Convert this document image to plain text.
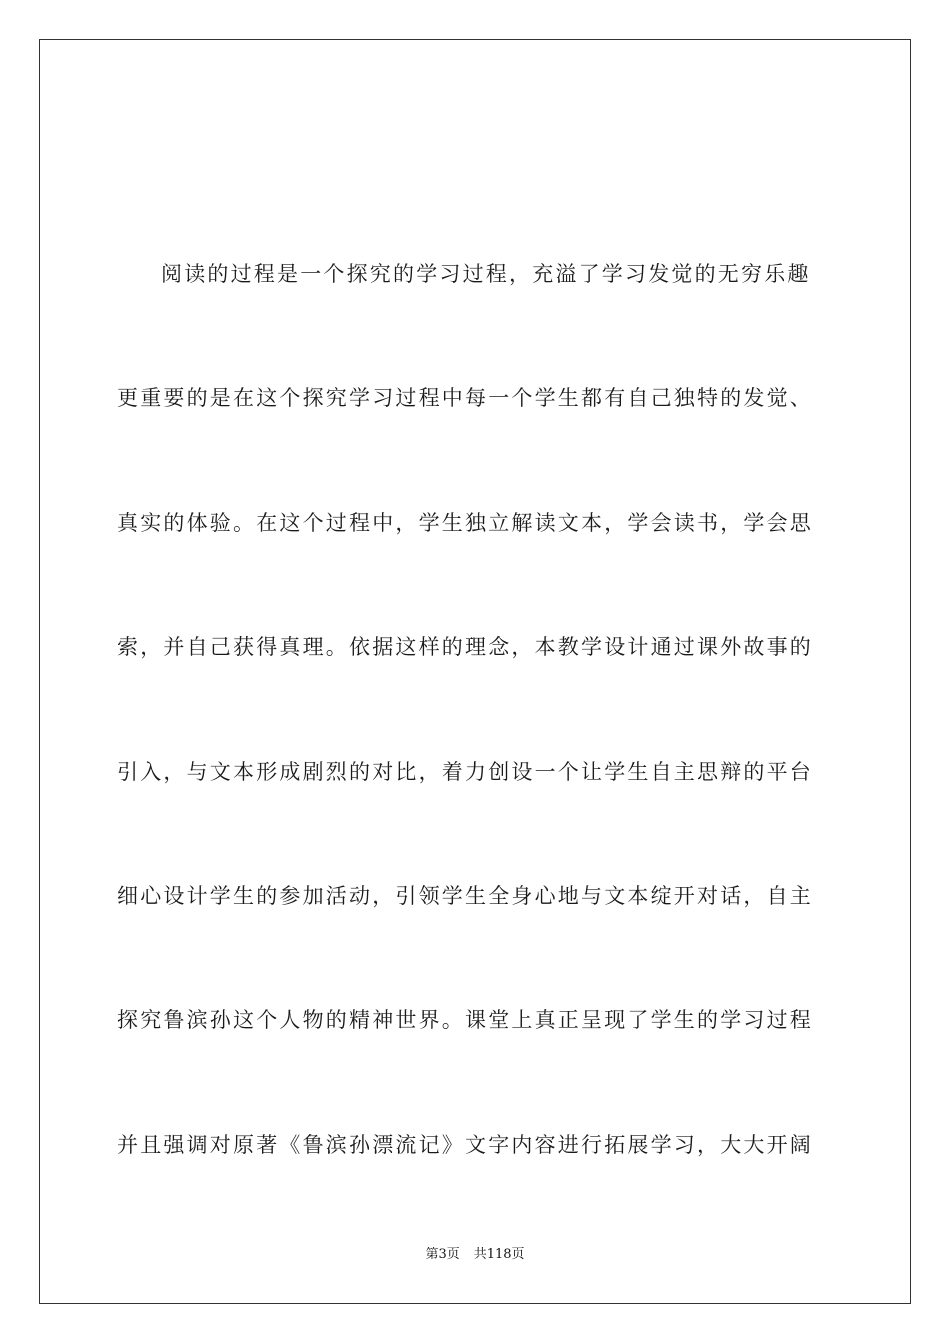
阅读的过程是一个探究的学习过程，充溢了学习发觉的无穷乐趣
更重要的是在这个探究学习过程中每一个学生都有自己独特的发觉、
真实的体验。在这个过程中，学生独立解读文本，学会读书，学会思
索，并自己获得真理。依据这样的理念，本教学设计通过课外故事的
引入，与文本形成剧烈的对比，着力创设一个让学生自主思辩的平台
细心设计学生的参加活动，引领学生全身心地与文本绽开对话，自主
探究鲁滨孙这个人物的精神世界。课堂上真正呈现了学生的学习过程
并且强调对原著《鲁滨孙漂流记》文字内容进行拓展学习，大大开阔
第3页 共118页
